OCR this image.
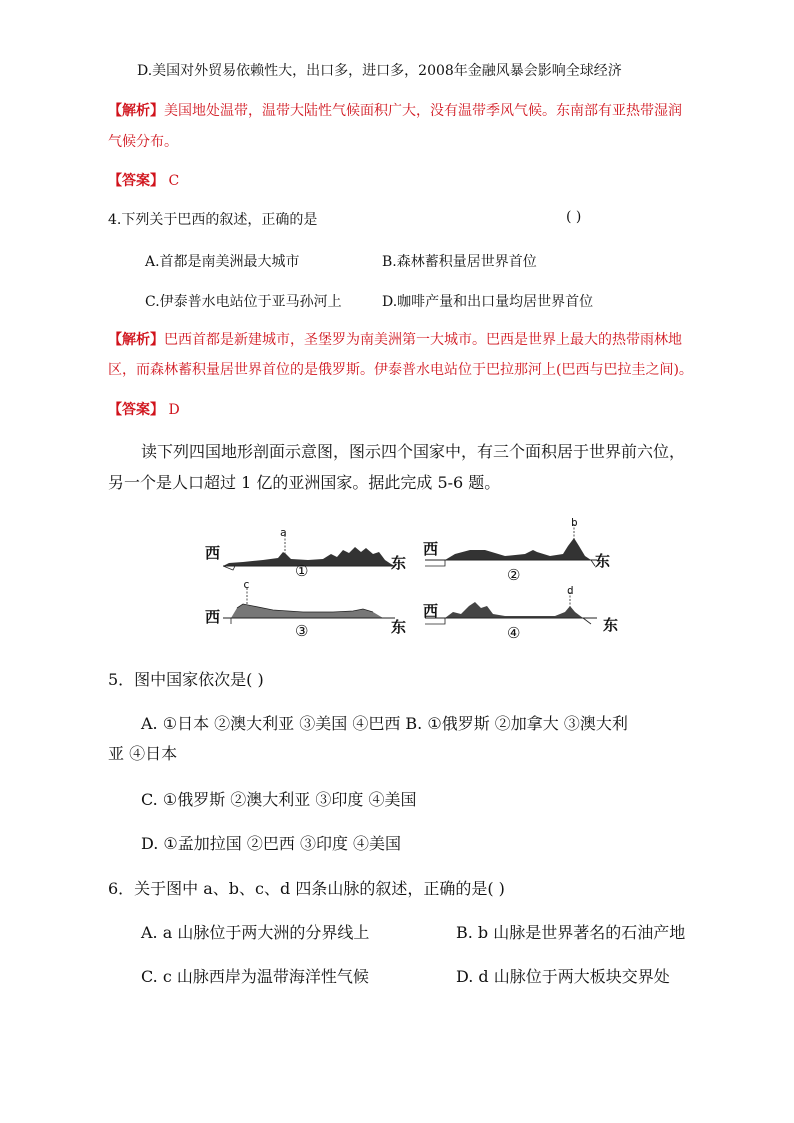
D.美国对外贸易依赖性大，出口多，进口多，2008年金融风暴会影响全球经济
【解析】美国地处温带，温带大陆性气候面积广大，没有温带季风气候。东南部有亚热带湿润
气候分布。
【答案】 C
4.下列关于巴西的叙述，正确的是	( )
A.首都是南美洲最大城市	B.森林蓄积量居世界首位
C.伊泰普水电站位于亚马孙河上	D.咖啡产量和出口量均居世界首位
【解析】巴西首都是新建城市，圣堡罗为南美洲第一大城市。巴西是世界上最大的热带雨林地
区，而森林蓄积量居世界首位的是俄罗斯。伊泰普水电站位于巴拉那河上(巴西与巴拉圭之间)。
【答案】 D
读下列四国地形剖面示意图，图示四个国家中，有三个面积居于世界前六位，
另一个是人口超过 1 亿的亚洲国家。据此完成 5-6 题。
西
a
东
①
西
b
东
②
西
c
东
③
西
d
东
④
5．图中国家依次是( )
A. ①日本 ②澳大利亚 ③美国 ④巴西 B. ①俄罗斯 ②加拿大 ③澳大利
亚 ④日本
C. ①俄罗斯 ②澳大利亚 ③印度 ④美国
D. ①孟加拉国 ②巴西 ③印度 ④美国
6．关于图中 a、b、c、d 四条山脉的叙述，正确的是( )
A. a 山脉位于两大洲的分界线上	B. b 山脉是世界著名的石油产地
C. c 山脉西岸为温带海洋性气候	D. d 山脉位于两大板块交界处
